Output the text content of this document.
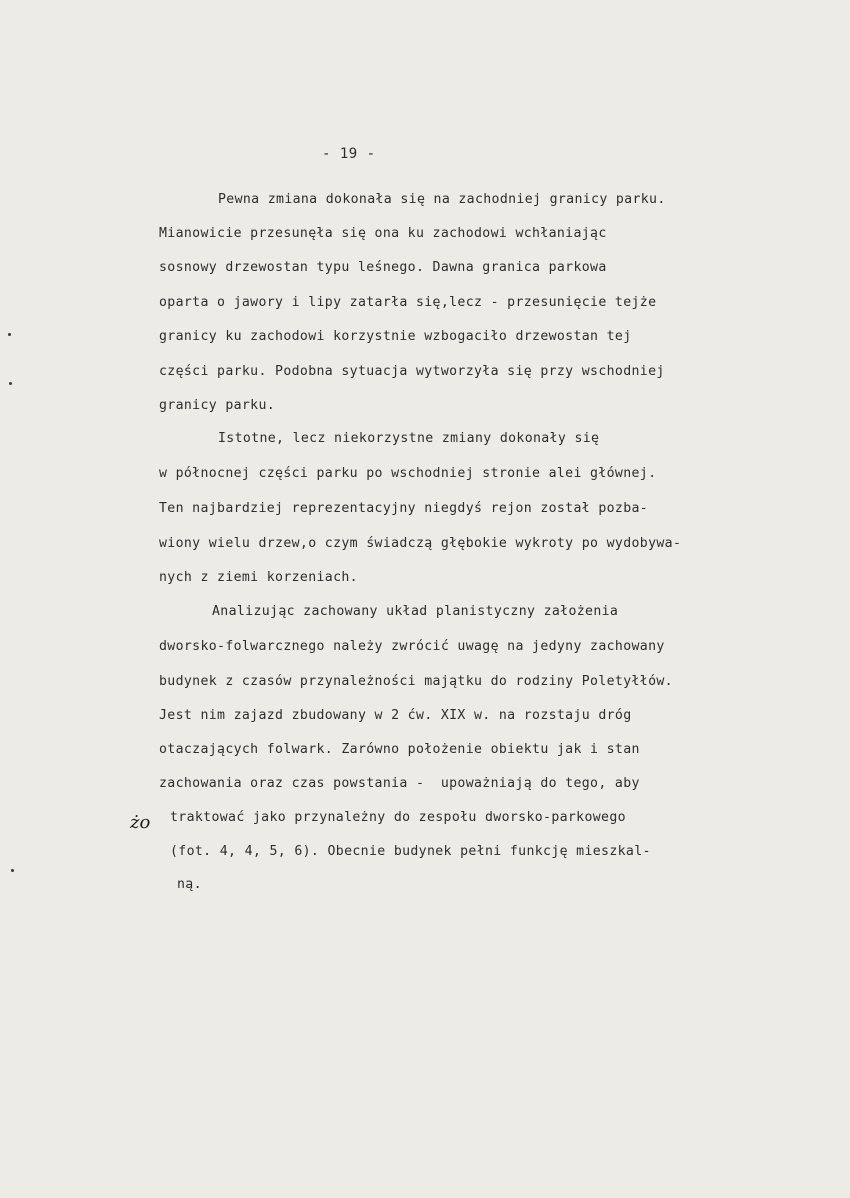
- 19 -
Pewna zmiana dokonała się na zachodniej granicy parku.
Mianowicie przesunęła się ona ku zachodowi wchłaniając
sosnowy drzewostan typu leśnego. Dawna granica parkowa
oparta o jawory i lipy zatarła się,lecz - przesunięcie tejże
granicy ku zachodowi korzystnie wzbogaciło drzewostan tej
części parku. Podobna sytuacja wytworzyła się przy wschodniej
granicy parku.
Istotne, lecz niekorzystne zmiany dokonały się
w północnej części parku po wschodniej stronie alei głównej.
Ten najbardziej reprezentacyjny niegdyś rejon został pozba-
wiony wielu drzew,o czym świadczą głębokie wykroty po wydobywa-
nych z ziemi korzeniach.
Analizując zachowany układ planistyczny założenia
dworsko-folwarcznego należy zwrócić uwagę na jedyny zachowany
budynek z czasów przynależności majątku do rodziny Poletyłłów.
Jest nim zajazd zbudowany w 2 ćw. XIX w. na rozstaju dróg
otaczających folwark. Zarówno położenie obiektu jak i stan
zachowania oraz czas powstania -  upoważniają do tego, aby
traktować jako przynależny do zespołu dworsko-parkowego
(fot. 4, 4, 5, 6). Obecnie budynek pełni funkcję mieszkal-
ną.
żo
